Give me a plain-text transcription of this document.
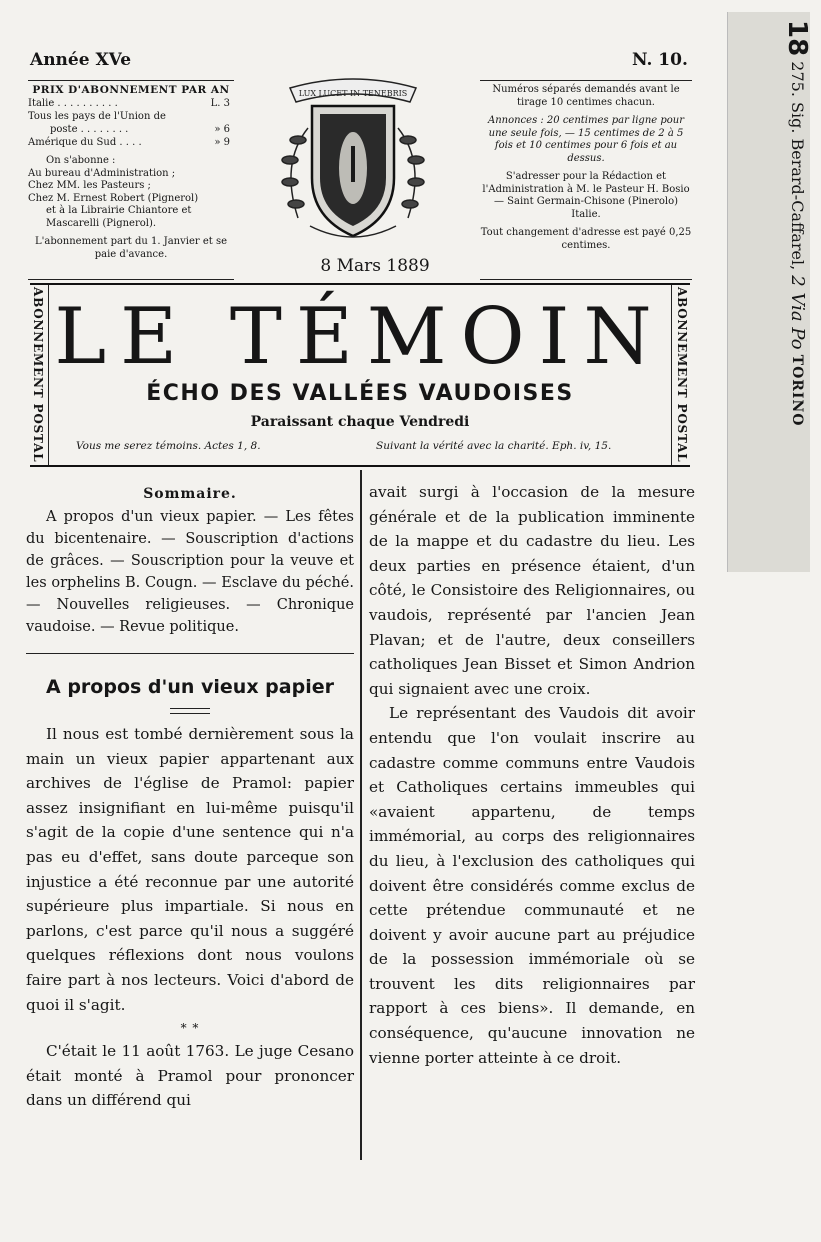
Année XVe	N. 10.
PRIX D'ABONNEMENT PAR AN
Italie . . . . . . . . . .	L. 3
Tous les pays de l'Union de
poste . . . . . . . .	» 6
Amérique du Sud . . . .	» 9
On s'abonne :
Au bureau d'Administration ;
Chez MM. les Pasteurs ;
Chez M. Ernest Robert (Pignerol)
et à la Librairie Chiantore et
Mascarelli (Pignerol).
L'abonnement part du 1. Janvier et se paie d'avance.
LUX LUCET IN TENEBRIS
8 Mars 1889

Numéros séparés demandés avant le tirage 10 centimes chacun.

Annonces : 20 centimes par ligne pour une seule fois, — 15 centimes de 2 à 5 fois et 10 centimes pour 6 fois et au dessus.

S'adresser pour la Rédaction et l'Administration à M. le Pasteur H. Bosio — Saint Germain-Chisone (Pinerolo) Italie.

Tout changement d'adresse est payé 0,25 centimes.

ABONNEMENT POSTAL	ABONNEMENT POSTAL
LE TÉMOIN
ÉCHO DES VALLÉES VAUDOISES
Paraissant chaque Vendredi
Vous me serez témoins. Actes 1, 8.	Suivant la vérité avec la charité. Eph. iv, 15.
Sommaire.

A propos d'un vieux papier. — Les fêtes du bicentenaire. — Souscription d'actions de grâces. — Souscription pour la veuve et les orphelins B. Cougn. — Esclave du péché. — Nouvelles religieuses. — Chronique vaudoise. — Revue politique.

A propos d'un vieux papier

Il nous est tombé dernièrement sous la main un vieux papier appartenant aux archives de l'église de Pramol: papier assez insignifiant en lui-même puisqu'il s'agit de la copie d'une sentence qui n'a pas eu d'effet, sans doute parceque son injustice a été reconnue par une autorité supérieure plus impartiale. Si nous en parlons, c'est parce qu'il nous a suggéré quelques réflexions dont nous voulons faire part à nos lecteurs. Voici d'abord de quoi il s'agit.

* *

C'était le 11 août 1763. Le juge Cesano était monté à Pramol pour prononcer dans un différend qui

avait surgi à l'occasion de la mesure générale et de la publication imminente de la mappe et du cadastre du lieu. Les deux parties en présence étaient, d'un côté, le Consistoire des Religionnaires, ou vaudois, représenté par l'ancien Jean Plavan; et de l'autre, deux conseillers catholiques Jean Bisset et Simon Andrion qui signaient avec une croix.

Le représentant des Vaudois dit avoir entendu que l'on voulait inscrire au cadastre comme communs entre Vaudois et Catholiques certains immeubles qui «avaient appartenu, de temps immémorial, au corps des religionnaires du lieu, à l'exclusion des catholiques qui doivent être considérés comme exclus de cette prétendue communauté et ne doivent y avoir aucune part au préjudice de la possession immémoriale où se trouvent les dits religionnaires par rapport à ces biens». Il demande, en conséquence, qu'aucune innovation ne vienne porter atteinte à ce droit.

18 275. Sig. Berard-Caffarel, 2 Via Po TORINO
